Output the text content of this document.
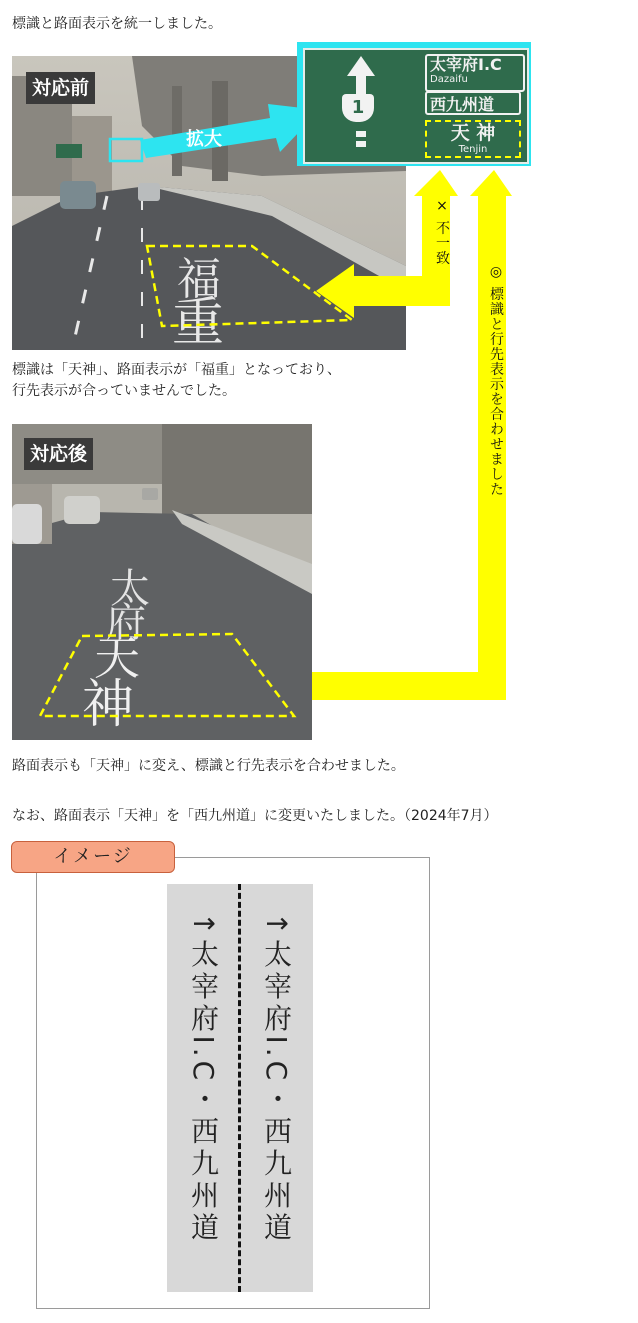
標識と路面表示を統一しました。
福
重
対応前
拡大
1
太宰府I.C
Dazaifu
西九州道
天 神
Tenjin
× 不一致
◎ 標識と行先表示を合わせました
標識は「天神」、路面表示が「福重」となっており、
行先表示が合っていませんでした。
太
府
天
神
対応後
路面表示も「天神」に変え、標識と行先表示を合わせました。
なお、路面表示「天神」を「西九州道」に変更いたしました。（2024年7月）
イメージ
↑太宰府I.C・西九州道 ↑太宰府I.C・西九州道
